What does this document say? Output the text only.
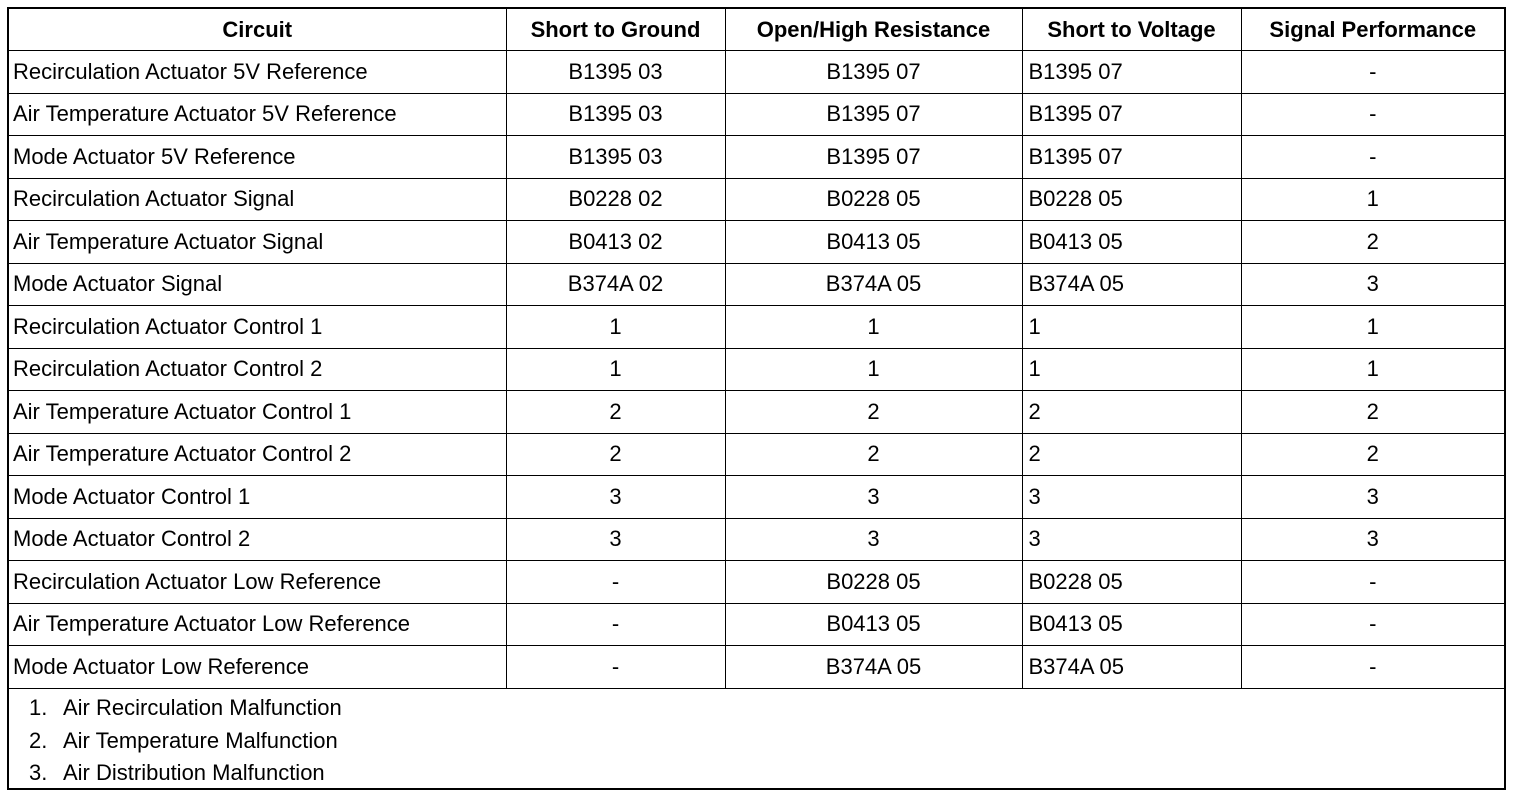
Circuit	Short to Ground	Open/High Resistance	Short to Voltage	Signal Performance
Recirculation Actuator 5V Reference	B1395 03	B1395 07	B1395 07	-
Air Temperature Actuator 5V Reference	B1395 03	B1395 07	B1395 07	-
Mode Actuator 5V Reference	B1395 03	B1395 07	B1395 07	-
Recirculation Actuator Signal	B0228 02	B0228 05	B0228 05	1
Air Temperature Actuator Signal	B0413 02	B0413 05	B0413 05	2
Mode Actuator Signal	B374A 02	B374A 05	B374A 05	3
Recirculation Actuator Control 1	1	1	1	1
Recirculation Actuator Control 2	1	1	1	1
Air Temperature Actuator Control 1	2	2	2	2
Air Temperature Actuator Control 2	2	2	2	2
Mode Actuator Control 1	3	3	3	3
Mode Actuator Control 2	3	3	3	3
Recirculation Actuator Low Reference	-	B0228 05	B0228 05	-
Air Temperature Actuator Low Reference	-	B0413 05	B0413 05	-
Mode Actuator Low Reference	-	B374A 05	B374A 05	-
1. Air Recirculation Malfunction
2. Air Temperature Malfunction
3. Air Distribution Malfunction
